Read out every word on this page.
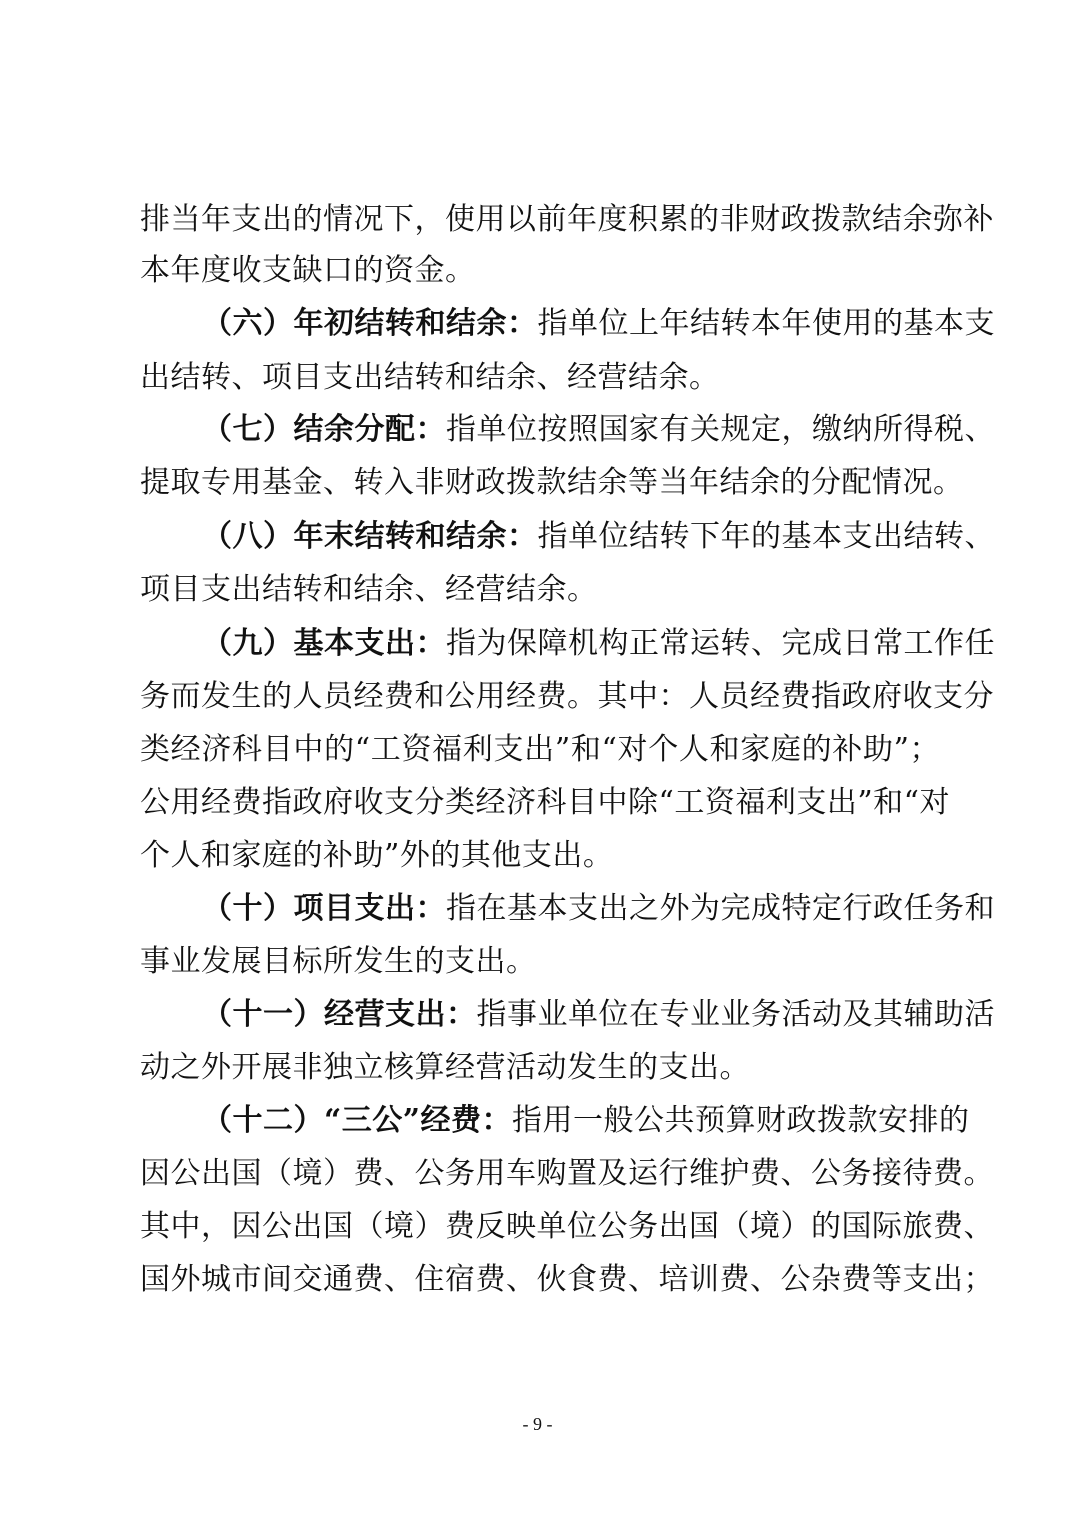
排当年支出的情况下，使用以前年度积累的非财政拨款结余弥补
本年度收支缺口的资金。
（六）年初结转和结余：指单位上年结转本年使用的基本支
出结转、项目支出结转和结余、经营结余。
（七）结余分配：指单位按照国家有关规定，缴纳所得税、
提取专用基金、转入非财政拨款结余等当年结余的分配情况。
（八）年末结转和结余：指单位结转下年的基本支出结转、
项目支出结转和结余、经营结余。
（九）基本支出：指为保障机构正常运转、完成日常工作任
务而发生的人员经费和公用经费。其中：人员经费指政府收支分
类经济科目中的“工资福利支出”和“对个人和家庭的补助”；
公用经费指政府收支分类经济科目中除“工资福利支出”和“对
个人和家庭的补助”外的其他支出。
（十）项目支出：指在基本支出之外为完成特定行政任务和
事业发展目标所发生的支出。
（十一）经营支出：指事业单位在专业业务活动及其辅助活
动之外开展非独立核算经营活动发生的支出。
（十二）“三公”经费：指用一般公共预算财政拨款安排的
因公出国（境）费、公务用车购置及运行维护费、公务接待费。
其中，因公出国（境）费反映单位公务出国（境）的国际旅费、
国外城市间交通费、住宿费、伙食费、培训费、公杂费等支出；
- 9 -
